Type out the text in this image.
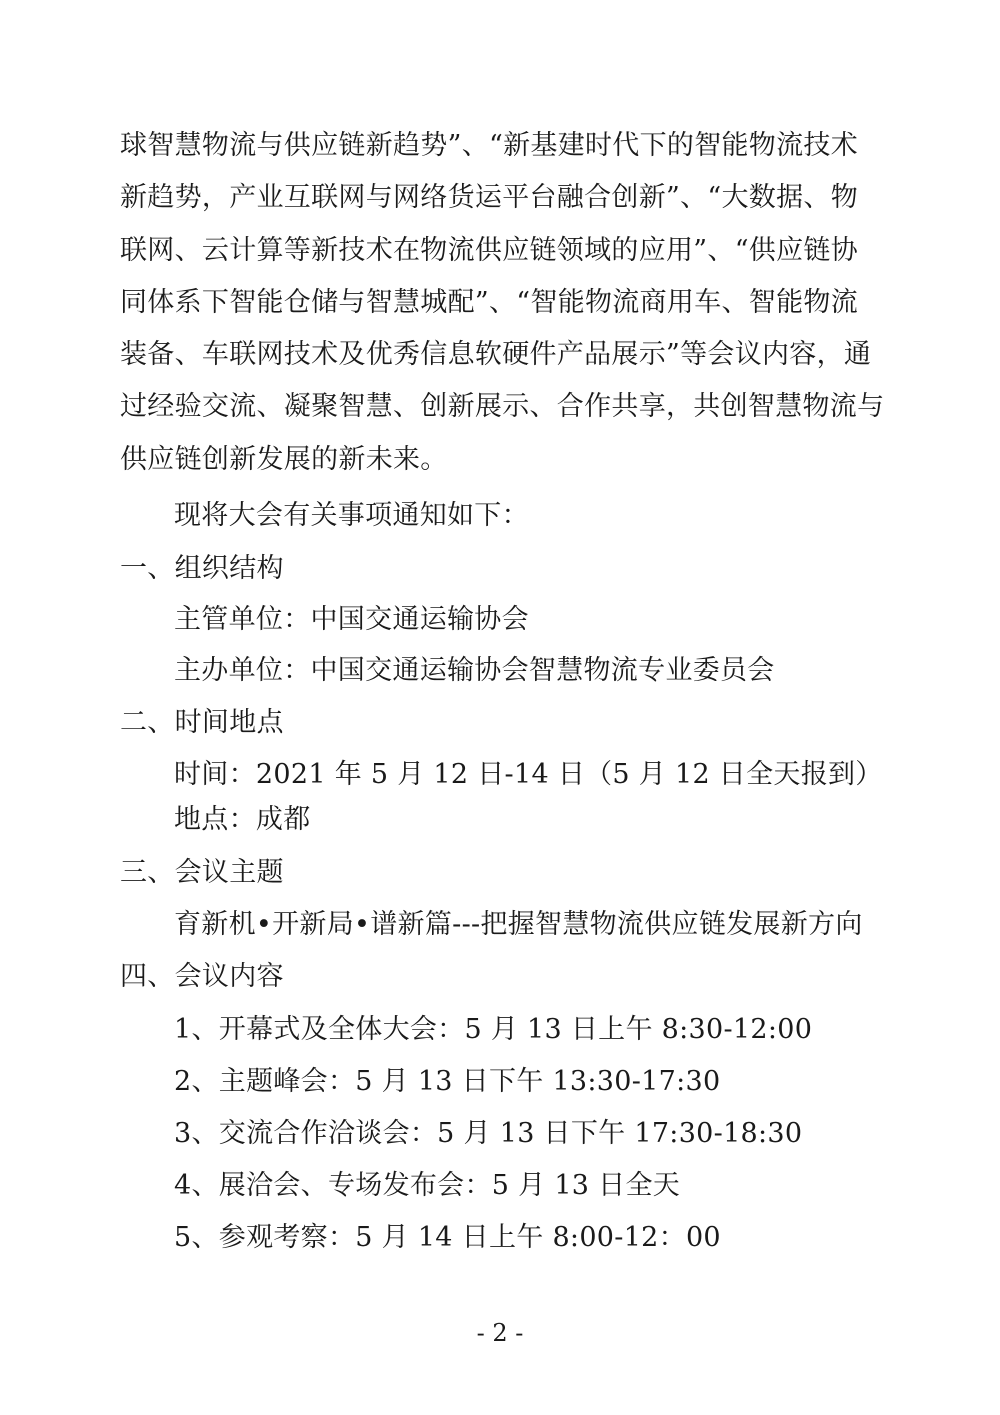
球智慧物流与供应链新趋势”、“新基建时代下的智能物流技术
新趋势，产业互联网与网络货运平台融合创新”、“大数据、物
联网、云计算等新技术在物流供应链领域的应用”、“供应链协
同体系下智能仓储与智慧城配”、“智能物流商用车、智能物流
装备、车联网技术及优秀信息软硬件产品展示”等会议内容，通
过经验交流、凝聚智慧、创新展示、合作共享，共创智慧物流与
供应链创新发展的新未来。
现将大会有关事项通知如下：
一、组织结构
主管单位：中国交通运输协会
主办单位：中国交通运输协会智慧物流专业委员会
二、时间地点
时间：2021 年 5 月 12 日-14 日（5 月 12 日全天报到）
地点：成都
三、会议主题
育新机•开新局•谱新篇---把握智慧物流供应链发展新方向
四、会议内容
1、开幕式及全体大会：5 月 13 日上午 8:30-12:00
2、主题峰会：5 月 13 日下午 13:30-17:30
3、交流合作洽谈会：5 月 13 日下午 17:30-18:30
4、展洽会、专场发布会：5 月 13 日全天
5、参观考察：5 月 14 日上午 8:00-12：00
- 2 -
